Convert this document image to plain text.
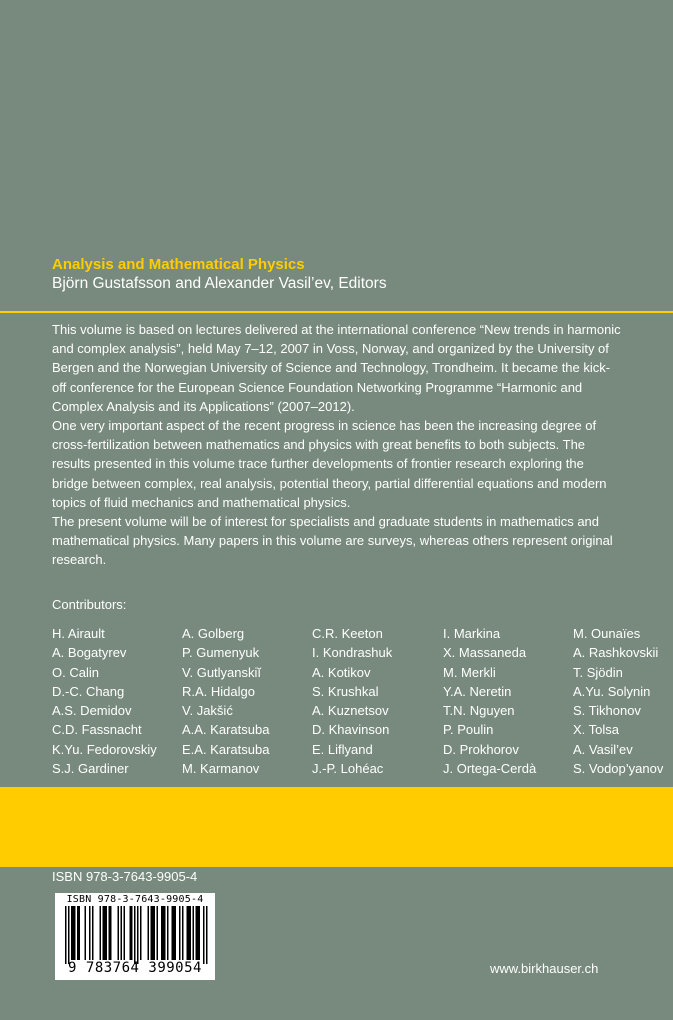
Analysis and Mathematical Physics
Björn Gustafsson and Alexander Vasil’ev, Editors

This volume is based on lectures delivered at the international conference “New trends in harmonic and complex analysis”, held May 7–12, 2007 in Voss, Norway, and organized by the University of Bergen and the Norwegian University of Science and Technology, Trondheim. It became the kick-off conference for the European Science Foundation Networking Programme “Harmonic and Complex Analysis and its Applications” (2007–2012).

One very important aspect of the recent progress in science has been the increasing degree of cross-fertilization between mathematics and physics with great benefits to both subjects. The results presented in this volume trace further developments of frontier research exploring the bridge between complex, real analysis, potential theory, partial differential equations and modern topics of fluid mechanics and mathematical physics.

The present volume will be of interest for specialists and graduate students in mathematics and mathematical physics. Many papers in this volume are surveys, whereas others represent original research.

Contributors:

H. Airault
A. Bogatyrev
O. Calin
D.-C. Chang
A.S. Demidov
C.D. Fassnacht
K.Yu. Fedorovskiy
S.J. Gardiner
A. Golberg
P. Gumenyuk
V. Gutlyanskiĭ
R.A. Hidalgo
V. Jakšić
A.A. Karatsuba
E.A. Karatsuba
M. Karmanov
C.R. Keeton
I. Kondrashuk
A. Kotikov
S. Krushkal
A. Kuznetsov
D. Khavinson
E. Liflyand
J.-P. Lohéac
I. Markina
X. Massaneda
M. Merkli
Y.A. Neretin
T.N. Nguyen
P. Poulin
D. Prokhorov
J. Ortega-Cerdà
M. Ounaïes
A. Rashkovskii
T. Sjödin
A.Yu. Solynin
S. Tikhonov
X. Tolsa
A. Vasil’ev
S. Vodop’yanov

ISBN 978-3-7643-9905-4

ISBN 978-3-7643-9905-4
9 783764 399054	www.birkhauser.ch
